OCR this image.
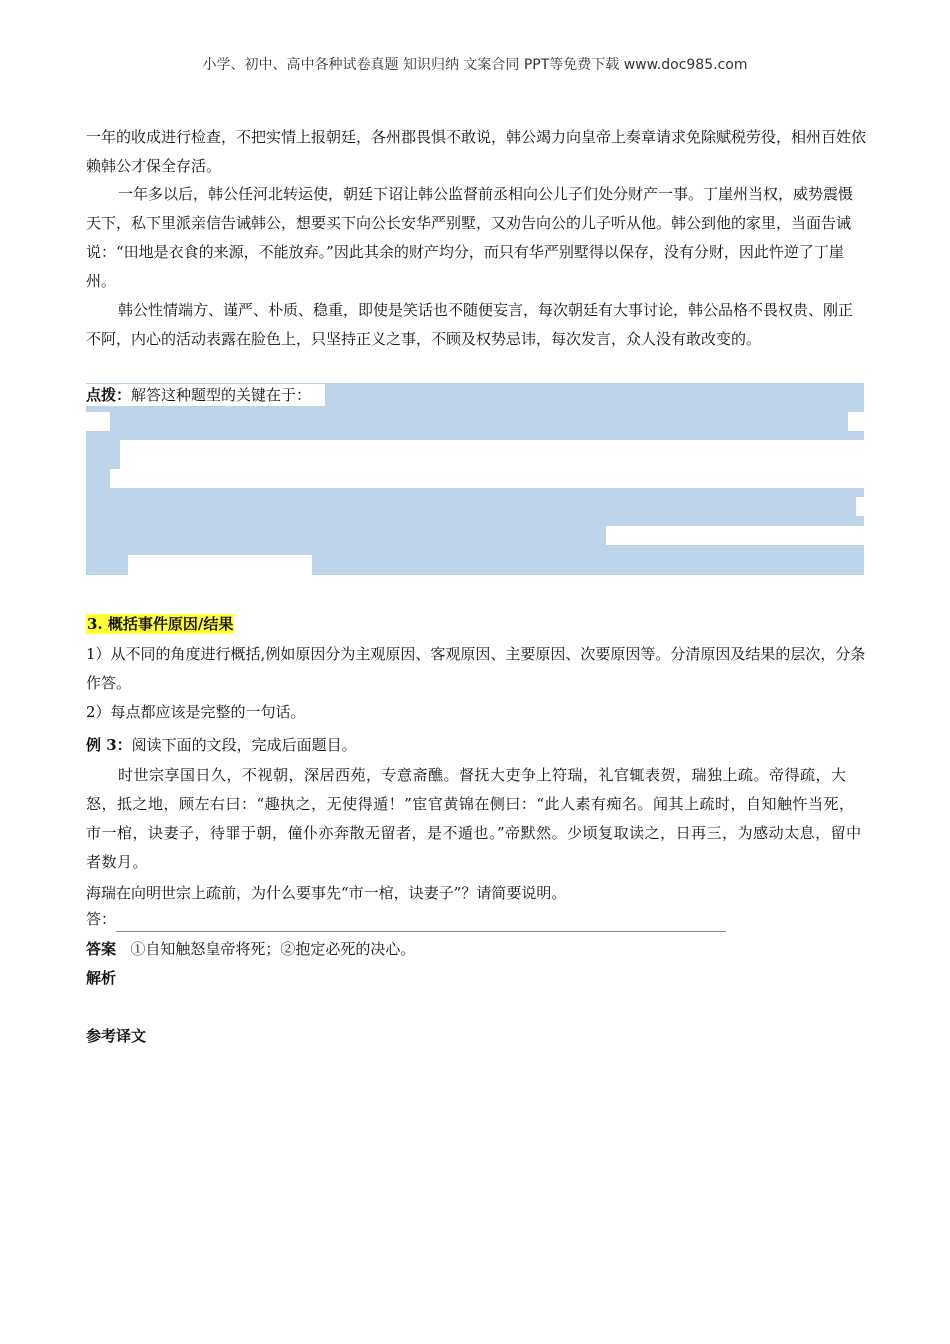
小学、初中、高中各种试卷真题 知识归纳 文案合同 PPT等免费下载 www.doc985.com

一年的收成进行检查，不把实情上报朝廷，各州郡畏惧不敢说，韩公竭力向皇帝上奏章请求免除赋税劳役，相州百姓依赖韩公才保全存活。

一年多以后，韩公任河北转运使，朝廷下诏让韩公监督前丞相向公儿子们处分财产一事。丁崖州当权，威势震慑天下，私下里派亲信告诫韩公，想要买下向公长安华严别墅，又劝告向公的儿子听从他。韩公到他的家里，当面告诫说：“田地是衣食的来源，不能放弃。”因此其余的财产均分，而只有华严别墅得以保存，没有分财，因此忤逆了丁崖州。

韩公性情端方、谨严、朴质、稳重，即使是笑话也不随便妄言，每次朝廷有大事讨论，韩公品格不畏权贵、刚正不阿，内心的活动表露在脸色上，只坚持正义之事，不顾及权势忌讳，每次发言，众人没有敢改变的。

点拨：解答这种题型的关键在于：
3. 概括事件原因/结果

1）从不同的角度进行概括,例如原因分为主观原因、客观原因、主要原因、次要原因等。分清原因及结果的层次，分条作答。

2）每点都应该是完整的一句话。

例 3：阅读下面的文段，完成后面题目。

时世宗享国日久，不视朝，深居西苑，专意斋醮。督抚大吏争上符瑞，礼官辄表贺，瑞独上疏。帝得疏，大怒，抵之地，顾左右曰：“趣执之，无使得遁！”宦官黄锦在侧曰：“此人素有痴名。闻其上疏时，自知触忤当死，市一棺，诀妻子，待罪于朝，僮仆亦奔散无留者，是不遁也。”帝默然。少顷复取读之，日再三，为感动太息，留中者数月。

海瑞在向明世宗上疏前，为什么要事先“市一棺，诀妻子”？请简要说明。

答：
答案 ①自知触怒皇帝将死；②抱定必死的决心。
解析
参考译文
